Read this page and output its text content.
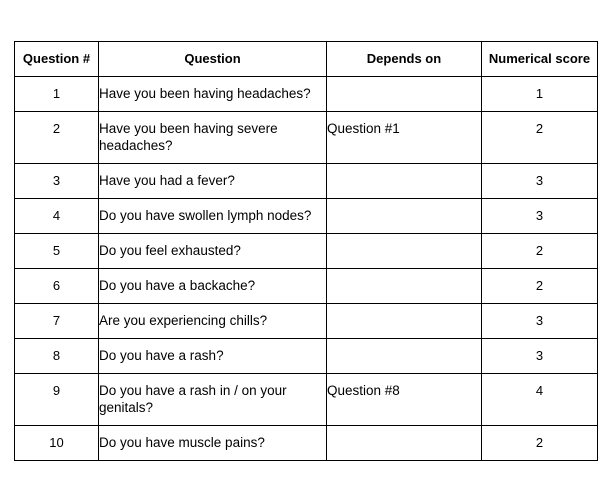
Question #	Question	Depends on	Numerical score
1	Have you been having headaches?		1
2	Have you been having severe headaches?	Question #1	2
3	Have you had a fever?		3
4	Do you have swollen lymph nodes?		3
5	Do you feel exhausted?		2
6	Do you have a backache?		2
7	Are you experiencing chills?		3
8	Do you have a rash?		3
9	Do you have a rash in / on your genitals?	Question #8	4
10	Do you have muscle pains?		2
